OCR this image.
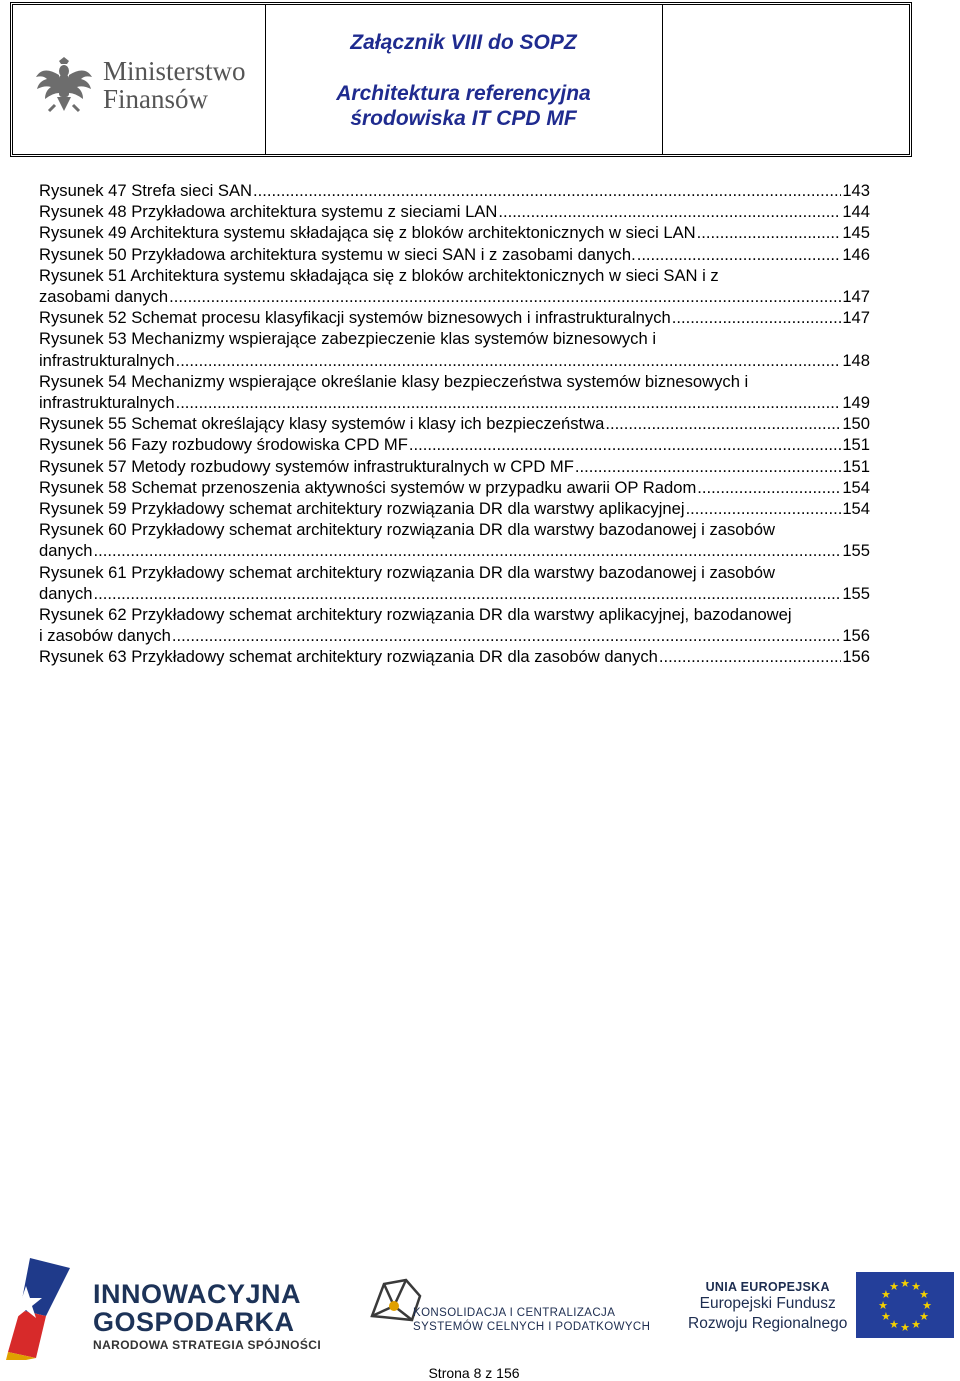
Ministerstwo
Finansów
Załącznik VIII do SOPZ
Architektura referencyjna
środowiska IT CPD MF
Rysunek 47 Strefa sieci SAN .....	143
Rysunek 48 Przykładowa architektura systemu z sieciami LAN .....	144
Rysunek 49 Architektura systemu składająca się z bloków architektonicznych w sieci LAN .....	145
Rysunek 50 Przykładowa architektura systemu w sieci SAN i z zasobami danych. .....	146
Rysunek 51 Architektura systemu składająca się z bloków architektonicznych w sieci SAN i z
zasobami danych .....	147
Rysunek 52 Schemat procesu klasyfikacji systemów biznesowych i infrastrukturalnych .....	147
Rysunek 53 Mechanizmy wspierające zabezpieczenie klas systemów biznesowych i
infrastrukturalnych .....	148
Rysunek 54 Mechanizmy wspierające określanie klasy bezpieczeństwa systemów biznesowych i
infrastrukturalnych .....	149
Rysunek 55 Schemat określający klasy systemów i klasy ich bezpieczeństwa .....	150
Rysunek 56 Fazy rozbudowy środowiska CPD MF .....	151
Rysunek 57 Metody rozbudowy systemów infrastrukturalnych w CPD MF .....	151
Rysunek 58 Schemat przenoszenia aktywności systemów w przypadku awarii OP Radom .....	154
Rysunek 59 Przykładowy schemat architektury rozwiązania DR dla warstwy aplikacyjnej .....	154
Rysunek 60 Przykładowy schemat architektury rozwiązania DR dla warstwy bazodanowej i zasobów
danych .....	155
Rysunek 61 Przykładowy schemat architektury rozwiązania DR dla warstwy bazodanowej i zasobów
danych .....	155
Rysunek 62 Przykładowy schemat architektury rozwiązania DR dla warstwy aplikacyjnej, bazodanowej
i zasobów danych .....	156
Rysunek 63 Przykładowy schemat architektury rozwiązania DR dla zasobów danych .....	156
INNOWACYJNA
GOSPODARKA
NARODOWA STRATEGIA SPÓJNOŚCI
KONSOLIDACJA I CENTRALIZACJA
SYSTEMÓW CELNYCH I PODATKOWYCH
UNIA EUROPEJSKA
Europejski Fundusz
Rozwoju Regionalnego
★
★
★
★
★
★
★
★
★ ★ ★
★
Strona 8 z 156
